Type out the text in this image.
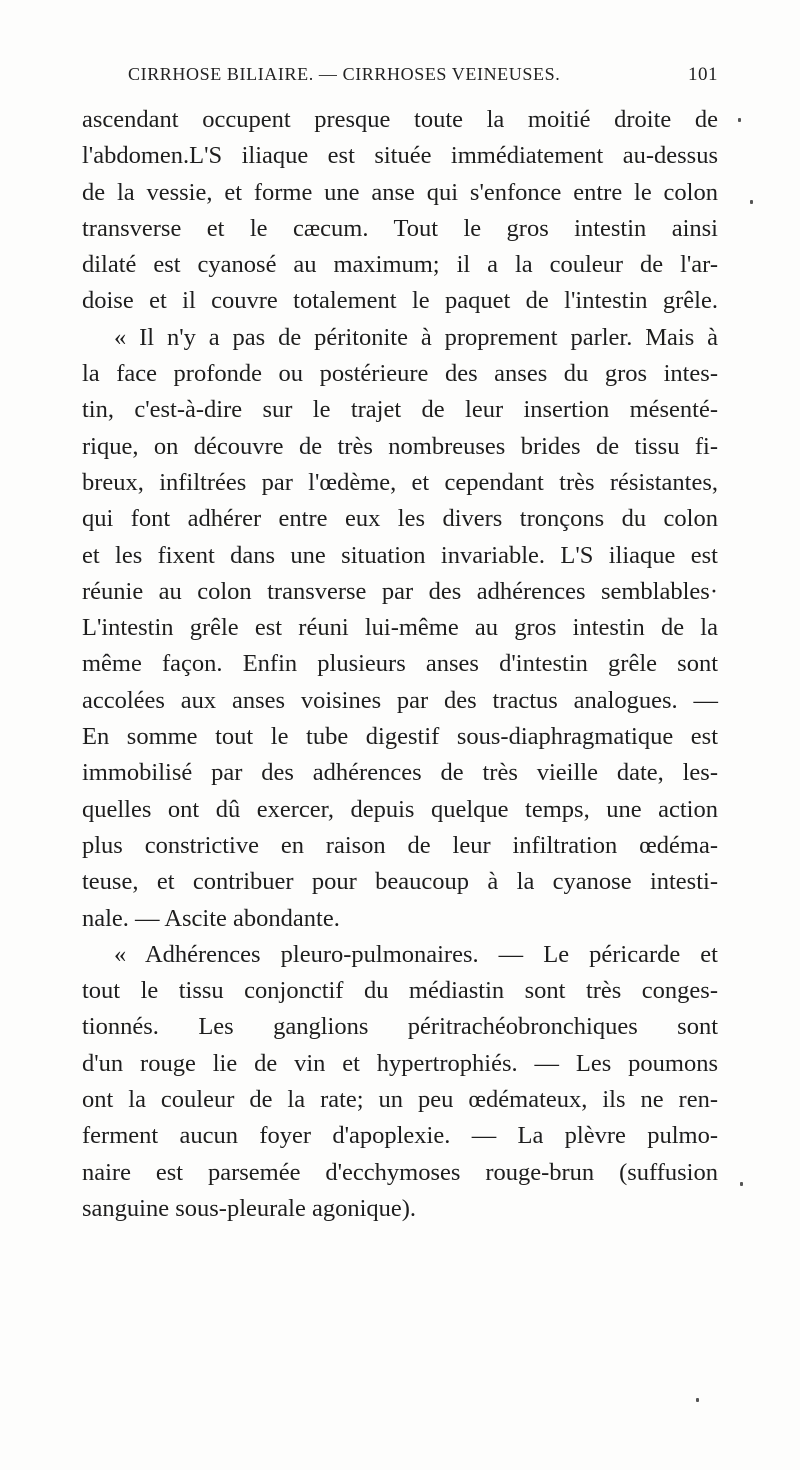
CIRRHOSE BILIAIRE. — CIRRHOSES VEINEUSES.	101
ascendant occupent presque toute la moitié droite de
l'abdomen.L'S iliaque est située immédiatement au-dessus
de la vessie, et forme une anse qui s'enfonce entre le colon
transverse et le cæcum. Tout le gros intestin ainsi
dilaté est cyanosé au maximum; il a la couleur de l'ar-
doise et il couvre totalement le paquet de l'intestin grêle.
« Il n'y a pas de péritonite à proprement parler. Mais à
la face profonde ou postérieure des anses du gros intes-
tin, c'est-à-dire sur le trajet de leur insertion mésenté-
rique, on découvre de très nombreuses brides de tissu fi-
breux, infiltrées par l'œdème, et cependant très résistantes,
qui font adhérer entre eux les divers tronçons du colon
et les fixent dans une situation invariable. L'S iliaque est
réunie au colon transverse par des adhérences semblables·
L'intestin grêle est réuni lui-même au gros intestin de la
même façon. Enfin plusieurs anses d'intestin grêle sont
accolées aux anses voisines par des tractus analogues. —
En somme tout le tube digestif sous-diaphragmatique est
immobilisé par des adhérences de très vieille date, les-
quelles ont dû exercer, depuis quelque temps, une action
plus constrictive en raison de leur infiltration œdéma-
teuse, et contribuer pour beaucoup à la cyanose intesti-
nale. — Ascite abondante.
« Adhérences pleuro-pulmonaires. — Le péricarde et
tout le tissu conjonctif du médiastin sont très conges-
tionnés. Les ganglions péritrachéobronchiques sont
d'un rouge lie de vin et hypertrophiés. — Les poumons
ont la couleur de la rate; un peu œdémateux, ils ne ren-
ferment aucun foyer d'apoplexie. — La plèvre pulmo-
naire est parsemée d'ecchymoses rouge-brun (suffusion
sanguine sous-pleurale agonique).
